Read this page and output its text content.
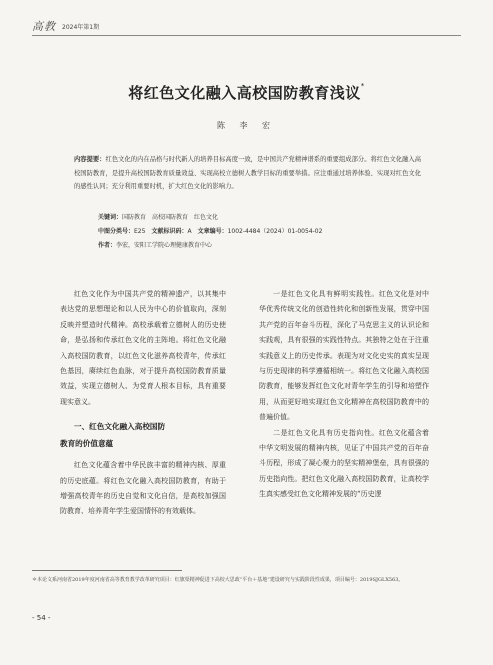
高教 2024年第1期
将红色文化融入高校国防教育浅议*
陈 李 宏
内容提要：红色文化的内在品格与时代新人的培养目标高度一致，是中国共产党精神谱系的重要组成部分。将红色文化融入高校国防教育，是提升高校国防教育质量效益、实现高校立德树人教学目标的重要举措。应注重通过培养体验、实现对红色文化的感性认同；充分利用重要时机，扩大红色文化的影响力。
关键词：国防教育　高校国防教育　红色文化
中图分类号：E25 文献标识码：A 文章编号：1002-4484（2024）01-0054-02
作者：李宏，安阳工学院心理健康教育中心

红色文化作为中国共产党的精神遗产，以其集中表达党的思想理论和以人民为中心的价值取向，深刻反映并塑造时代精神。高校承载着立德树人的历史使命，是弘扬和传承红色文化的主阵地。将红色文化融入高校国防教育，以红色文化滋养高校青年，传承红色基因，赓续红色血脉，对于提升高校国防教育质量效益，实现立德树人、为党育人根本目标，具有重要现实意义。

一、红色文化融入高校国防
教育的价值意蕴

红色文化蕴含着中华民族丰富的精神内核、厚重的历史底蕴。将红色文化融入高校国防教育，有助于增强高校青年的历史自觉和文化自信，是高校加强国防教育、培养青年学生爱国情怀的有效载体。

一是红色文化具有鲜明实践性。红色文化是对中华优秀传统文化的创造性转化和创新性发展，贯穿中国共产党的百年奋斗历程，深化了马克思主义的认识论和实践观，具有很强的实践性特点。其独特之处在于注重实践意义上的历史传承。表现为对文化史实的真实呈现与历史现律的科学遵循相统一。将红色文化融入高校国防教育，能够发挥红色文化对青年学生的引导和培塑作用，从而更好地实现红色文化精神在高校国防教育中的普遍价值。

二是红色文化具有历史指向性。红色文化蕴含着中华文明发展的精神内核，见证了中国共产党的百年奋斗历程，形成了凝心聚力的坚实精神堡垒，具有很强的历史指向性。把红色文化融入高校国防教育，让高校学生真实感受红色文化精神发展的“历史逻

＊本论文系河南省2019年度河南省高等教育教学改革研究项目：红旗渠精神促进下高校大思政“平台＋基地”建设研究与实践阶段性成果，项目编号：2019SJGLX563。
- 54 -
